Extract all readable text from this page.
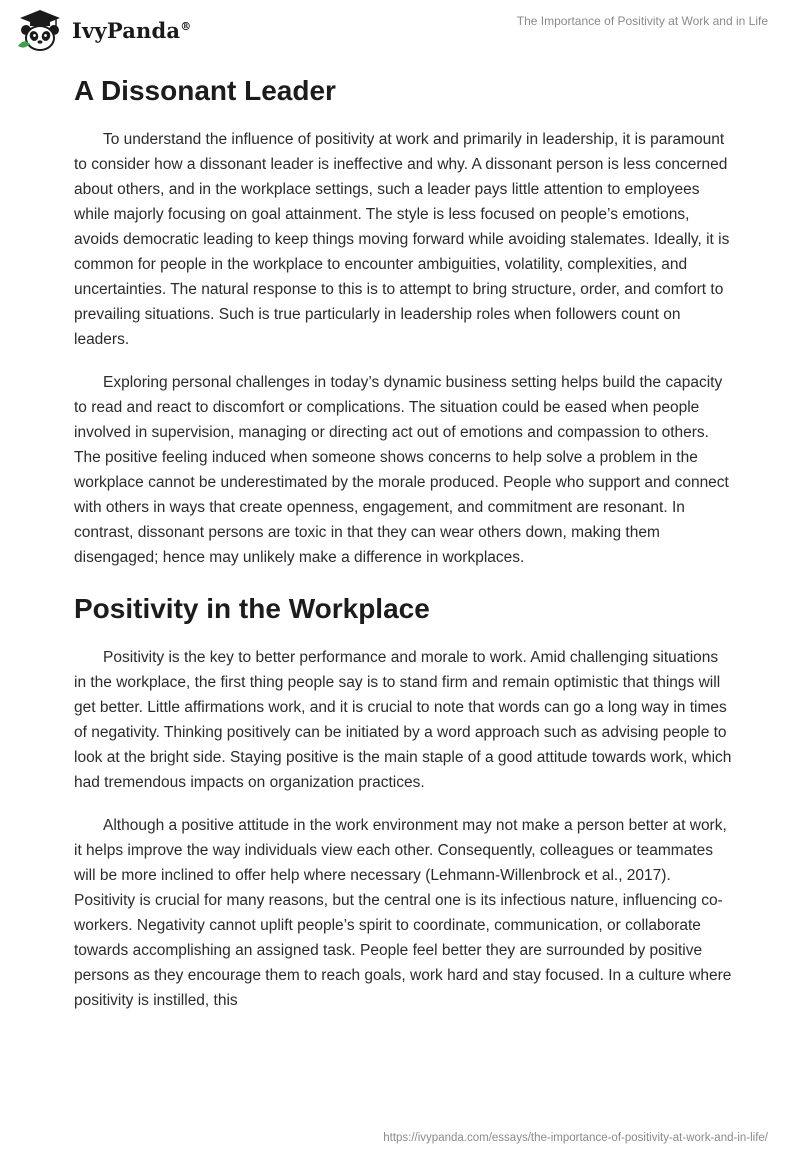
IvyPanda®	The Importance of Positivity at Work and in Life
A Dissonant Leader

To understand the influence of positivity at work and primarily in leadership, it is paramount to consider how a dissonant leader is ineffective and why. A dissonant person is less concerned about others, and in the workplace settings, such a leader pays little attention to employees while majorly focusing on goal attainment. The style is less focused on people’s emotions, avoids democratic leading to keep things moving forward while avoiding stalemates. Ideally, it is common for people in the workplace to encounter ambiguities, volatility, complexities, and uncertainties. The natural response to this is to attempt to bring structure, order, and comfort to prevailing situations. Such is true particularly in leadership roles when followers count on leaders.

Exploring personal challenges in today’s dynamic business setting helps build the capacity to read and react to discomfort or complications. The situation could be eased when people involved in supervision, managing or directing act out of emotions and compassion to others. The positive feeling induced when someone shows concerns to help solve a problem in the workplace cannot be underestimated by the morale produced. People who support and connect with others in ways that create openness, engagement, and commitment are resonant. In contrast, dissonant persons are toxic in that they can wear others down, making them disengaged; hence may unlikely make a difference in workplaces.

Positivity in the Workplace

Positivity is the key to better performance and morale to work. Amid challenging situations in the workplace, the first thing people say is to stand firm and remain optimistic that things will get better. Little affirmations work, and it is crucial to note that words can go a long way in times of negativity. Thinking positively can be initiated by a word approach such as advising people to look at the bright side. Staying positive is the main staple of a good attitude towards work, which had tremendous impacts on organization practices.

Although a positive attitude in the work environment may not make a person better at work, it helps improve the way individuals view each other. Consequently, colleagues or teammates will be more inclined to offer help where necessary (Lehmann-Willenbrock et al., 2017). Positivity is crucial for many reasons, but the central one is its infectious nature, influencing co-workers. Negativity cannot uplift people’s spirit to coordinate, communication, or collaborate towards accomplishing an assigned task. People feel better they are surrounded by positive persons as they encourage them to reach goals, work hard and stay focused. In a culture where positivity is instilled, this

https://ivypanda.com/essays/the-importance-of-positivity-at-work-and-in-life/
